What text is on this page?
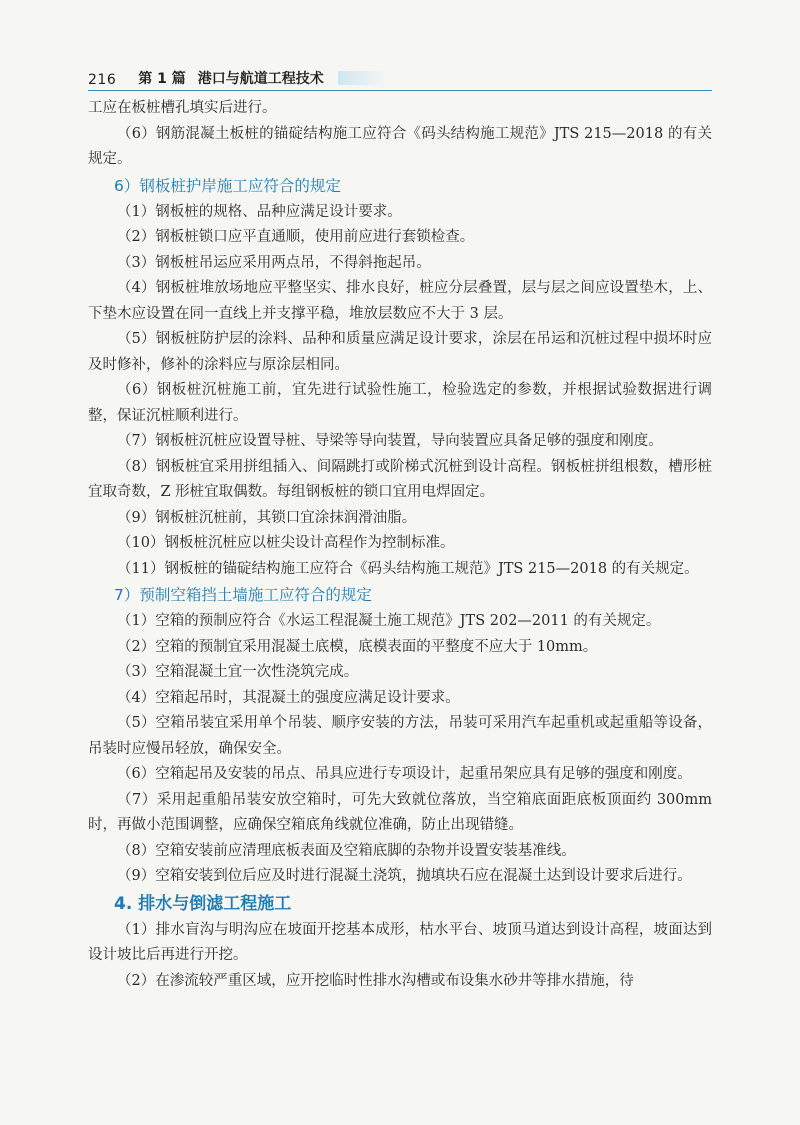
216 第 1 篇 港口与航道工程技术

工应在板桩槽孔填实后进行。

（6）钢筋混凝土板桩的锚碇结构施工应符合《码头结构施工规范》JTS 215—2018 的有关规定。

6）钢板桩护岸施工应符合的规定

（1）钢板桩的规格、品种应满足设计要求。

（2）钢板桩锁口应平直通顺，使用前应进行套锁检查。

（3）钢板桩吊运应采用两点吊，不得斜拖起吊。

（4）钢板桩堆放场地应平整坚实、排水良好，桩应分层叠置，层与层之间应设置垫木，上、下垫木应设置在同一直线上并支撑平稳，堆放层数应不大于 3 层。

（5）钢板桩防护层的涂料、品种和质量应满足设计要求，涂层在吊运和沉桩过程中损坏时应及时修补，修补的涂料应与原涂层相同。

（6）钢板桩沉桩施工前，宜先进行试验性施工，检验选定的参数，并根据试验数据进行调整，保证沉桩顺利进行。

（7）钢板桩沉桩应设置导桩、导梁等导向装置，导向装置应具备足够的强度和刚度。

（8）钢板桩宜采用拼组插入、间隔跳打或阶梯式沉桩到设计高程。钢板桩拼组根数，槽形桩宜取奇数，Z 形桩宜取偶数。每组钢板桩的锁口宜用电焊固定。

（9）钢板桩沉桩前，其锁口宜涂抹润滑油脂。

（10）钢板桩沉桩应以桩尖设计高程作为控制标准。

（11）钢板桩的锚碇结构施工应符合《码头结构施工规范》JTS 215—2018 的有关规定。

7）预制空箱挡土墙施工应符合的规定

（1）空箱的预制应符合《水运工程混凝土施工规范》JTS 202—2011 的有关规定。

（2）空箱的预制宜采用混凝土底模，底模表面的平整度不应大于 10mm。

（3）空箱混凝土宜一次性浇筑完成。

（4）空箱起吊时，其混凝土的强度应满足设计要求。

（5）空箱吊装宜采用单个吊装、顺序安装的方法，吊装可采用汽车起重机或起重船等设备，吊装时应慢吊轻放，确保安全。

（6）空箱起吊及安装的吊点、吊具应进行专项设计，起重吊架应具有足够的强度和刚度。

（7）采用起重船吊装安放空箱时，可先大致就位落放，当空箱底面距底板顶面约 300mm 时，再做小范围调整，应确保空箱底角线就位准确，防止出现错缝。

（8）空箱安装前应清理底板表面及空箱底脚的杂物并设置安装基准线。

（9）空箱安装到位后应及时进行混凝土浇筑，抛填块石应在混凝土达到设计要求后进行。

4. 排水与倒滤工程施工

（1）排水盲沟与明沟应在坡面开挖基本成形，枯水平台、坡顶马道达到设计高程，坡面达到设计坡比后再进行开挖。

（2）在渗流较严重区域，应开挖临时性排水沟槽或布设集水砂井等排水措施，待
